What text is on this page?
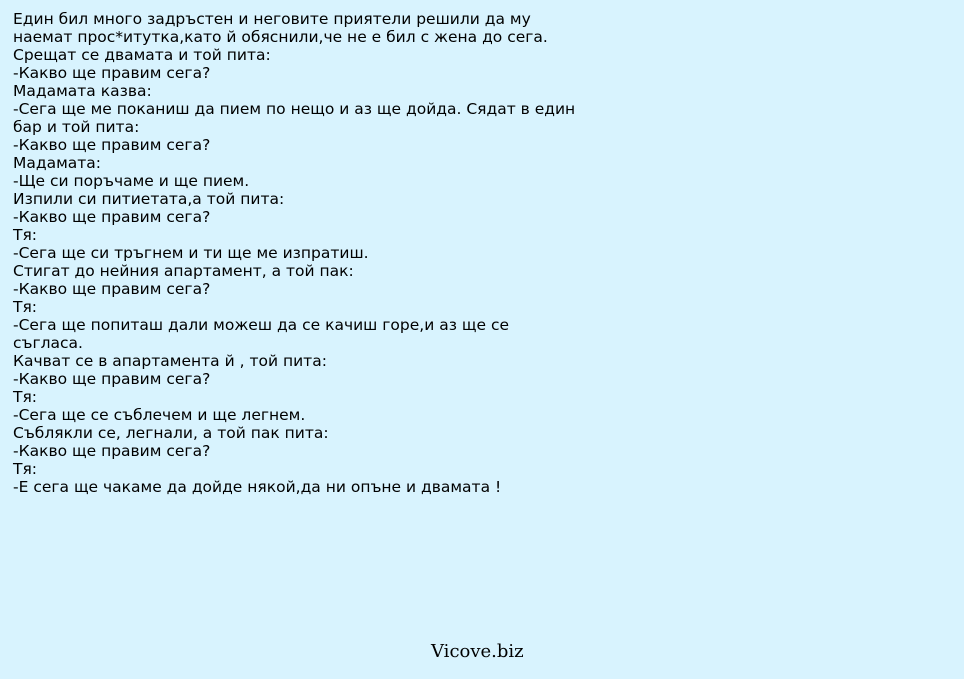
Един бил много задръстен и неговите приятели решили да му
наемат прос*итутка,като й обяснили,че не е бил с жена до сега.
Срещат се двамата и той пита:
-Какво ще правим сега?
Мадамата казва:
-Сега ще ме поканиш да пием по нещо и аз ще дойда. Сядат в един
бар и той пита:
-Какво ще правим сега?
Мадамата:
-Ще си поръчаме и ще пием.
Изпили си питиетата,а той пита:
-Какво ще правим сега?
Тя:
-Сега ще си тръгнем и ти ще ме изпратиш.
Стигат до нейния апартамент, а той пак:
-Какво ще правим сега?
Тя:
-Сега ще попиташ дали можеш да се качиш горе,и аз ще се
съгласа.
Качват се в апартамента й , той пита:
-Какво ще правим сега?
Тя:
-Сега ще се съблечем и ще легнем.
Съблякли се, легнали, а той пак пита:
-Какво ще правим сега?
Тя:
-Е сега ще чакаме да дойде някой,да ни опъне и двамата !
Vicove.biz
